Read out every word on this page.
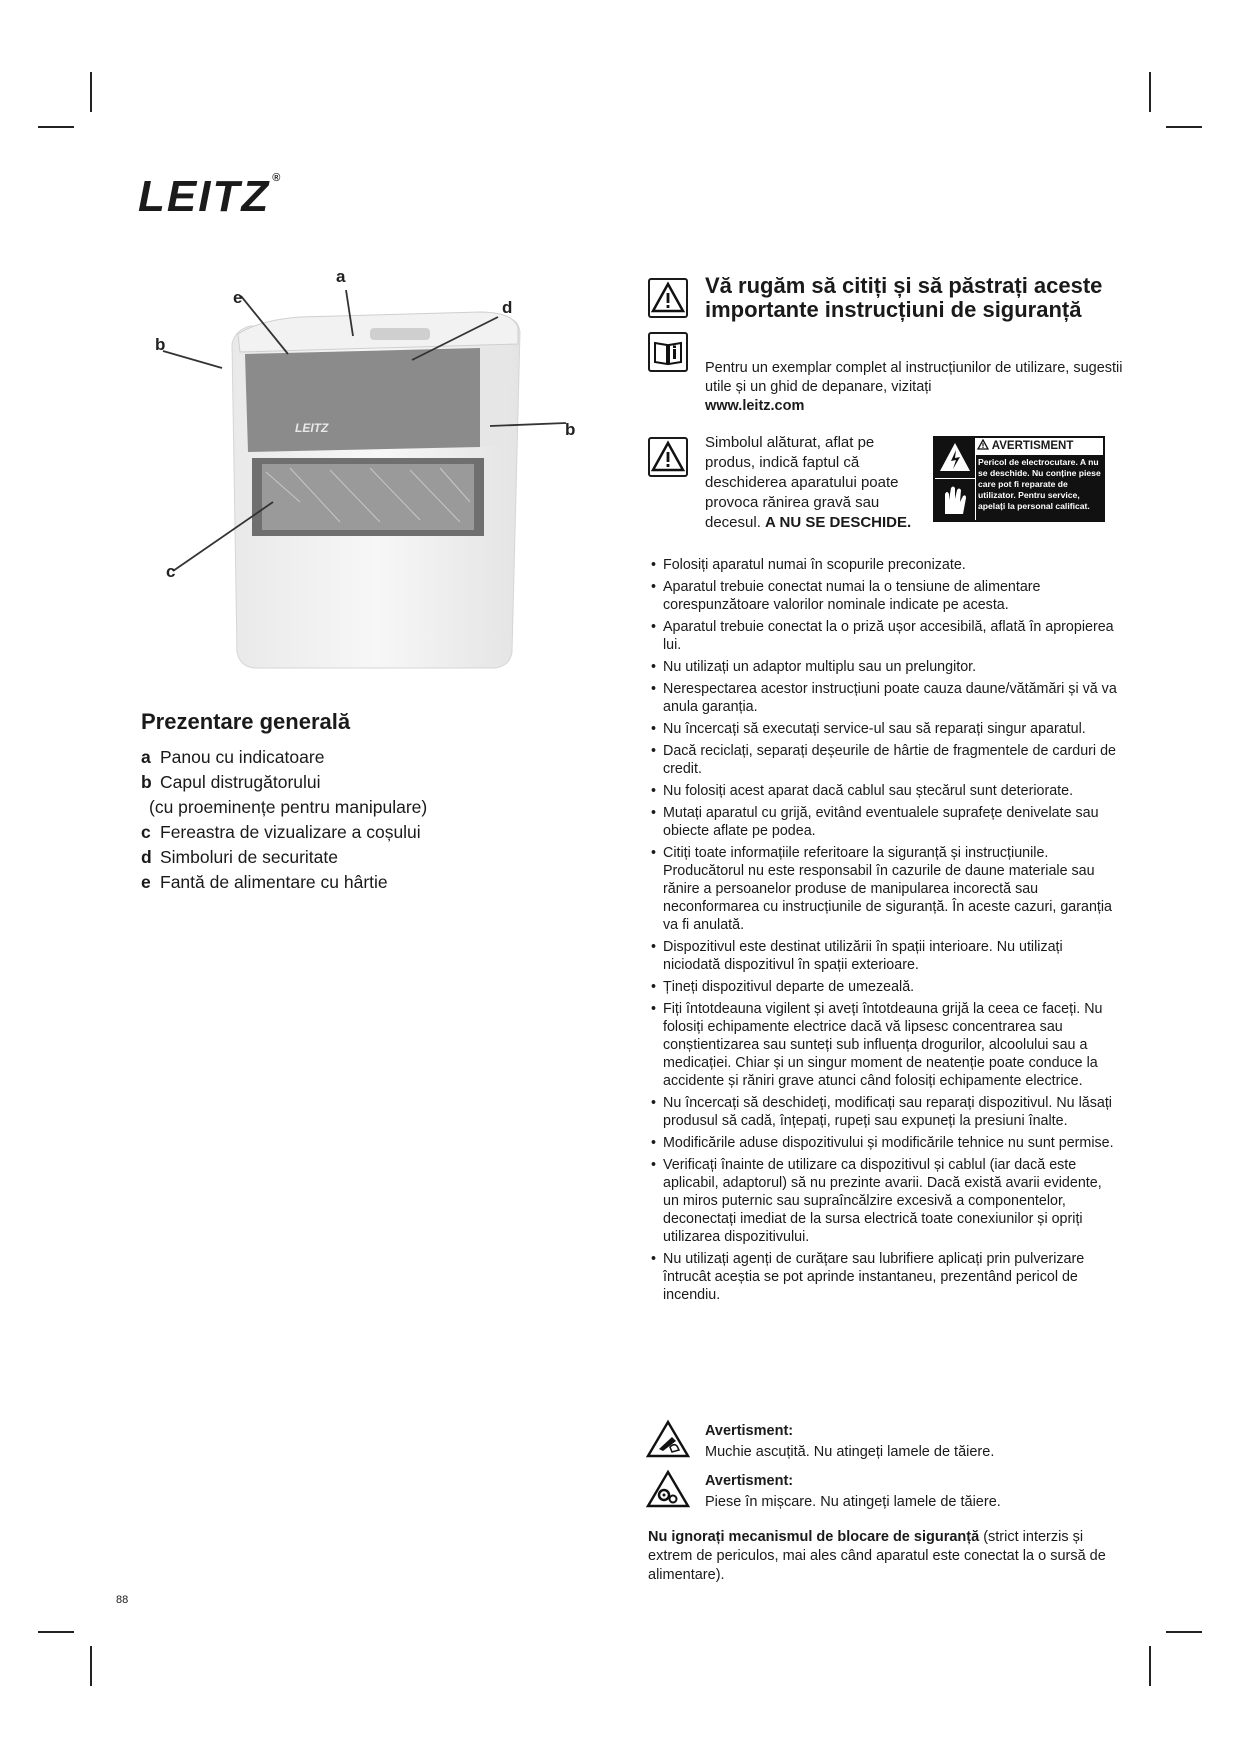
LEITZ ®
LEITZ
a
e
d
b
b
c
Prezentare generală
a Panou cu indicatoare
b Capul distrugătorului
(cu proeminențe pentru manipulare)
c Fereastra de vizualizare a coșului
d Simboluri de securitate
e Fantă de alimentare cu hârtie
Vă rugăm să citiți și să păstrați aceste importante instrucțiuni de siguranță

Pentru un exemplar complet al instrucțiunilor de utilizare, sugestii utile și un ghid de depanare, vizitați
www.leitz.com

Simbolul alăturat, aflat pe produs, indică faptul că deschiderea aparatului poate provoca rănirea gravă sau decesul. A NU SE DESCHIDE.

AVERTISMENT
Pericol de electrocutare. A nu se deschide. Nu conține piese care pot fi reparate de utilizator. Pentru service, apelați la personal calificat.
• Folosiți aparatul numai în scopurile preconizate.
• Aparatul trebuie conectat numai la o tensiune de alimentare corespunzătoare valorilor nominale indicate pe acesta.
• Aparatul trebuie conectat la o priză ușor accesibilă, aflată în apropierea lui.
• Nu utilizați un adaptor multiplu sau un prelungitor.
• Nerespectarea acestor instrucțiuni poate cauza daune/vătămări și vă va anula garanția.
• Nu încercați să executați service-ul sau să reparați singur aparatul.
• Dacă reciclați, separați deșeurile de hârtie de fragmentele de carduri de credit.
• Nu folosiți acest aparat dacă cablul sau ștecărul sunt deteriorate.
• Mutați aparatul cu grijă, evitând eventualele suprafețe denivelate sau obiecte aflate pe podea.
• Citiți toate informațiile referitoare la siguranță și instrucțiunile. Producătorul nu este responsabil în cazurile de daune materiale sau rănire a persoanelor produse de manipularea incorectă sau neconformarea cu instrucțiunile de siguranță. În aceste cazuri, garanția va fi anulată.
• Dispozitivul este destinat utilizării în spații interioare. Nu utilizați niciodată dispozitivul în spații exterioare.
• Țineți dispozitivul departe de umezeală.
• Fiți întotdeauna vigilent și aveți întotdeauna grijă la ceea ce faceți. Nu folosiți echipamente electrice dacă vă lipsesc concentrarea sau conștientizarea sau sunteți sub influența drogurilor, alcoolului sau a medicației. Chiar și un singur moment de neatenție poate conduce la accidente și răniri grave atunci când folosiți echipamente electrice.
• Nu încercați să deschideți, modificați sau reparați dispozitivul. Nu lăsați produsul să cadă, înțepați, rupeți sau expuneți la presiuni înalte.
• Modificările aduse dispozitivului și modificările tehnice nu sunt permise.
• Verificați înainte de utilizare ca dispozitivul și cablul (iar dacă este aplicabil, adaptorul) să nu prezinte avarii. Dacă există avarii evidente, un miros puternic sau supraîncălzire excesivă a componentelor, deconectați imediat de la sursa electrică toate conexiunilor și opriți utilizarea dispozitivului.
• Nu utilizați agenți de curățare sau lubrifiere aplicați prin pulverizare întrucât aceștia se pot aprinde instantaneu, prezentând pericol de incendiu.

Avertisment:

Muchie ascuțită. Nu atingeți lamele de tăiere.

Avertisment:

Piese în mișcare. Nu atingeți lamele de tăiere.

Nu ignorați mecanismul de blocare de siguranță (strict interzis și extrem de periculos, mai ales când aparatul este conectat la o sursă de alimentare).

88
